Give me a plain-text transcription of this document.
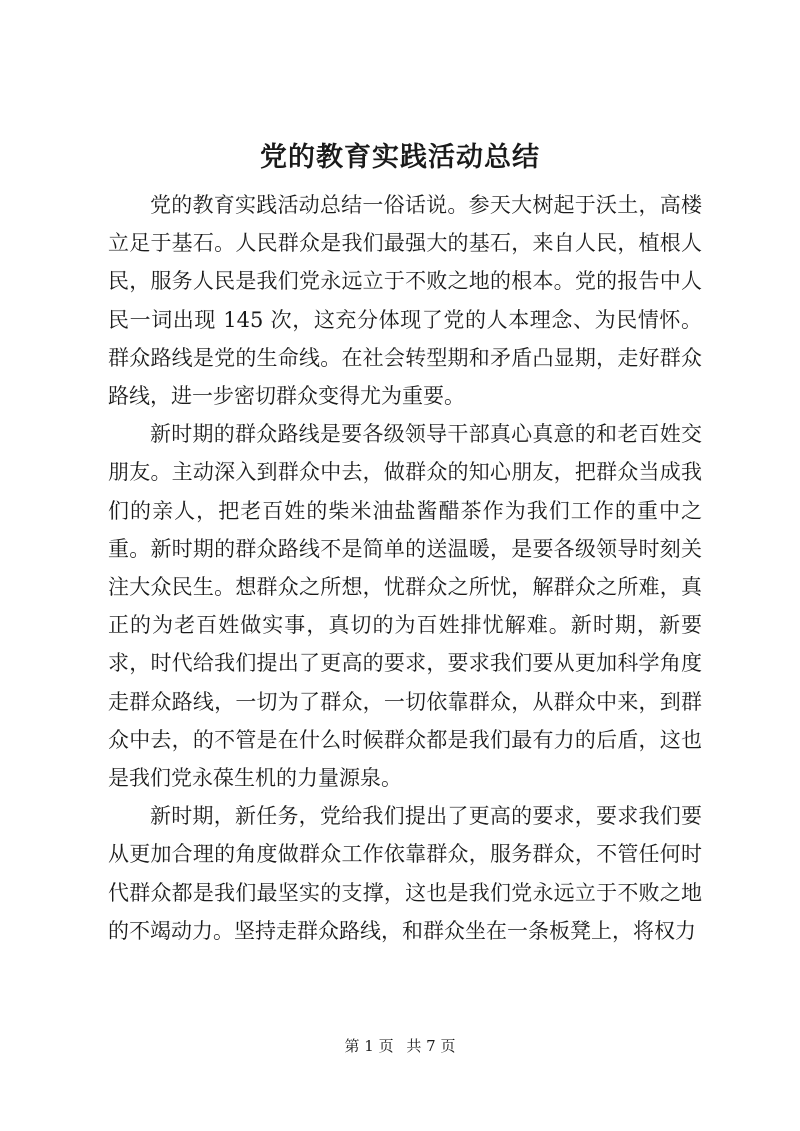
党的教育实践活动总结

党的教育实践活动总结一俗话说。参天大树起于沃土，高楼立足于基石。人民群众是我们最强大的基石，来自人民，植根人民，服务人民是我们党永远立于不败之地的根本。党的报告中人民一词出现 145 次，这充分体现了党的人本理念、为民情怀。群众路线是党的生命线。在社会转型期和矛盾凸显期，走好群众路线，进一步密切群众变得尤为重要。

新时期的群众路线是要各级领导干部真心真意的和老百姓交朋友。主动深入到群众中去，做群众的知心朋友，把群众当成我们的亲人，把老百姓的柴米油盐酱醋茶作为我们工作的重中之重。新时期的群众路线不是简单的送温暖，是要各级领导时刻关注大众民生。想群众之所想，忧群众之所忧，解群众之所难，真正的为老百姓做实事，真切的为百姓排忧解难。新时期，新要求，时代给我们提出了更高的要求，要求我们要从更加科学角度走群众路线，一切为了群众，一切依靠群众，从群众中来，到群众中去，的不管是在什么时候群众都是我们最有力的后盾，这也是我们党永葆生机的力量源泉。

新时期，新任务，党给我们提出了更高的要求，要求我们要从更加合理的角度做群众工作依靠群众，服务群众，不管任何时代群众都是我们最坚实的支撑，这也是我们党永远立于不败之地的不竭动力。坚持走群众路线，和群众坐在一条板凳上，将权力

第 1 页 共 7 页
